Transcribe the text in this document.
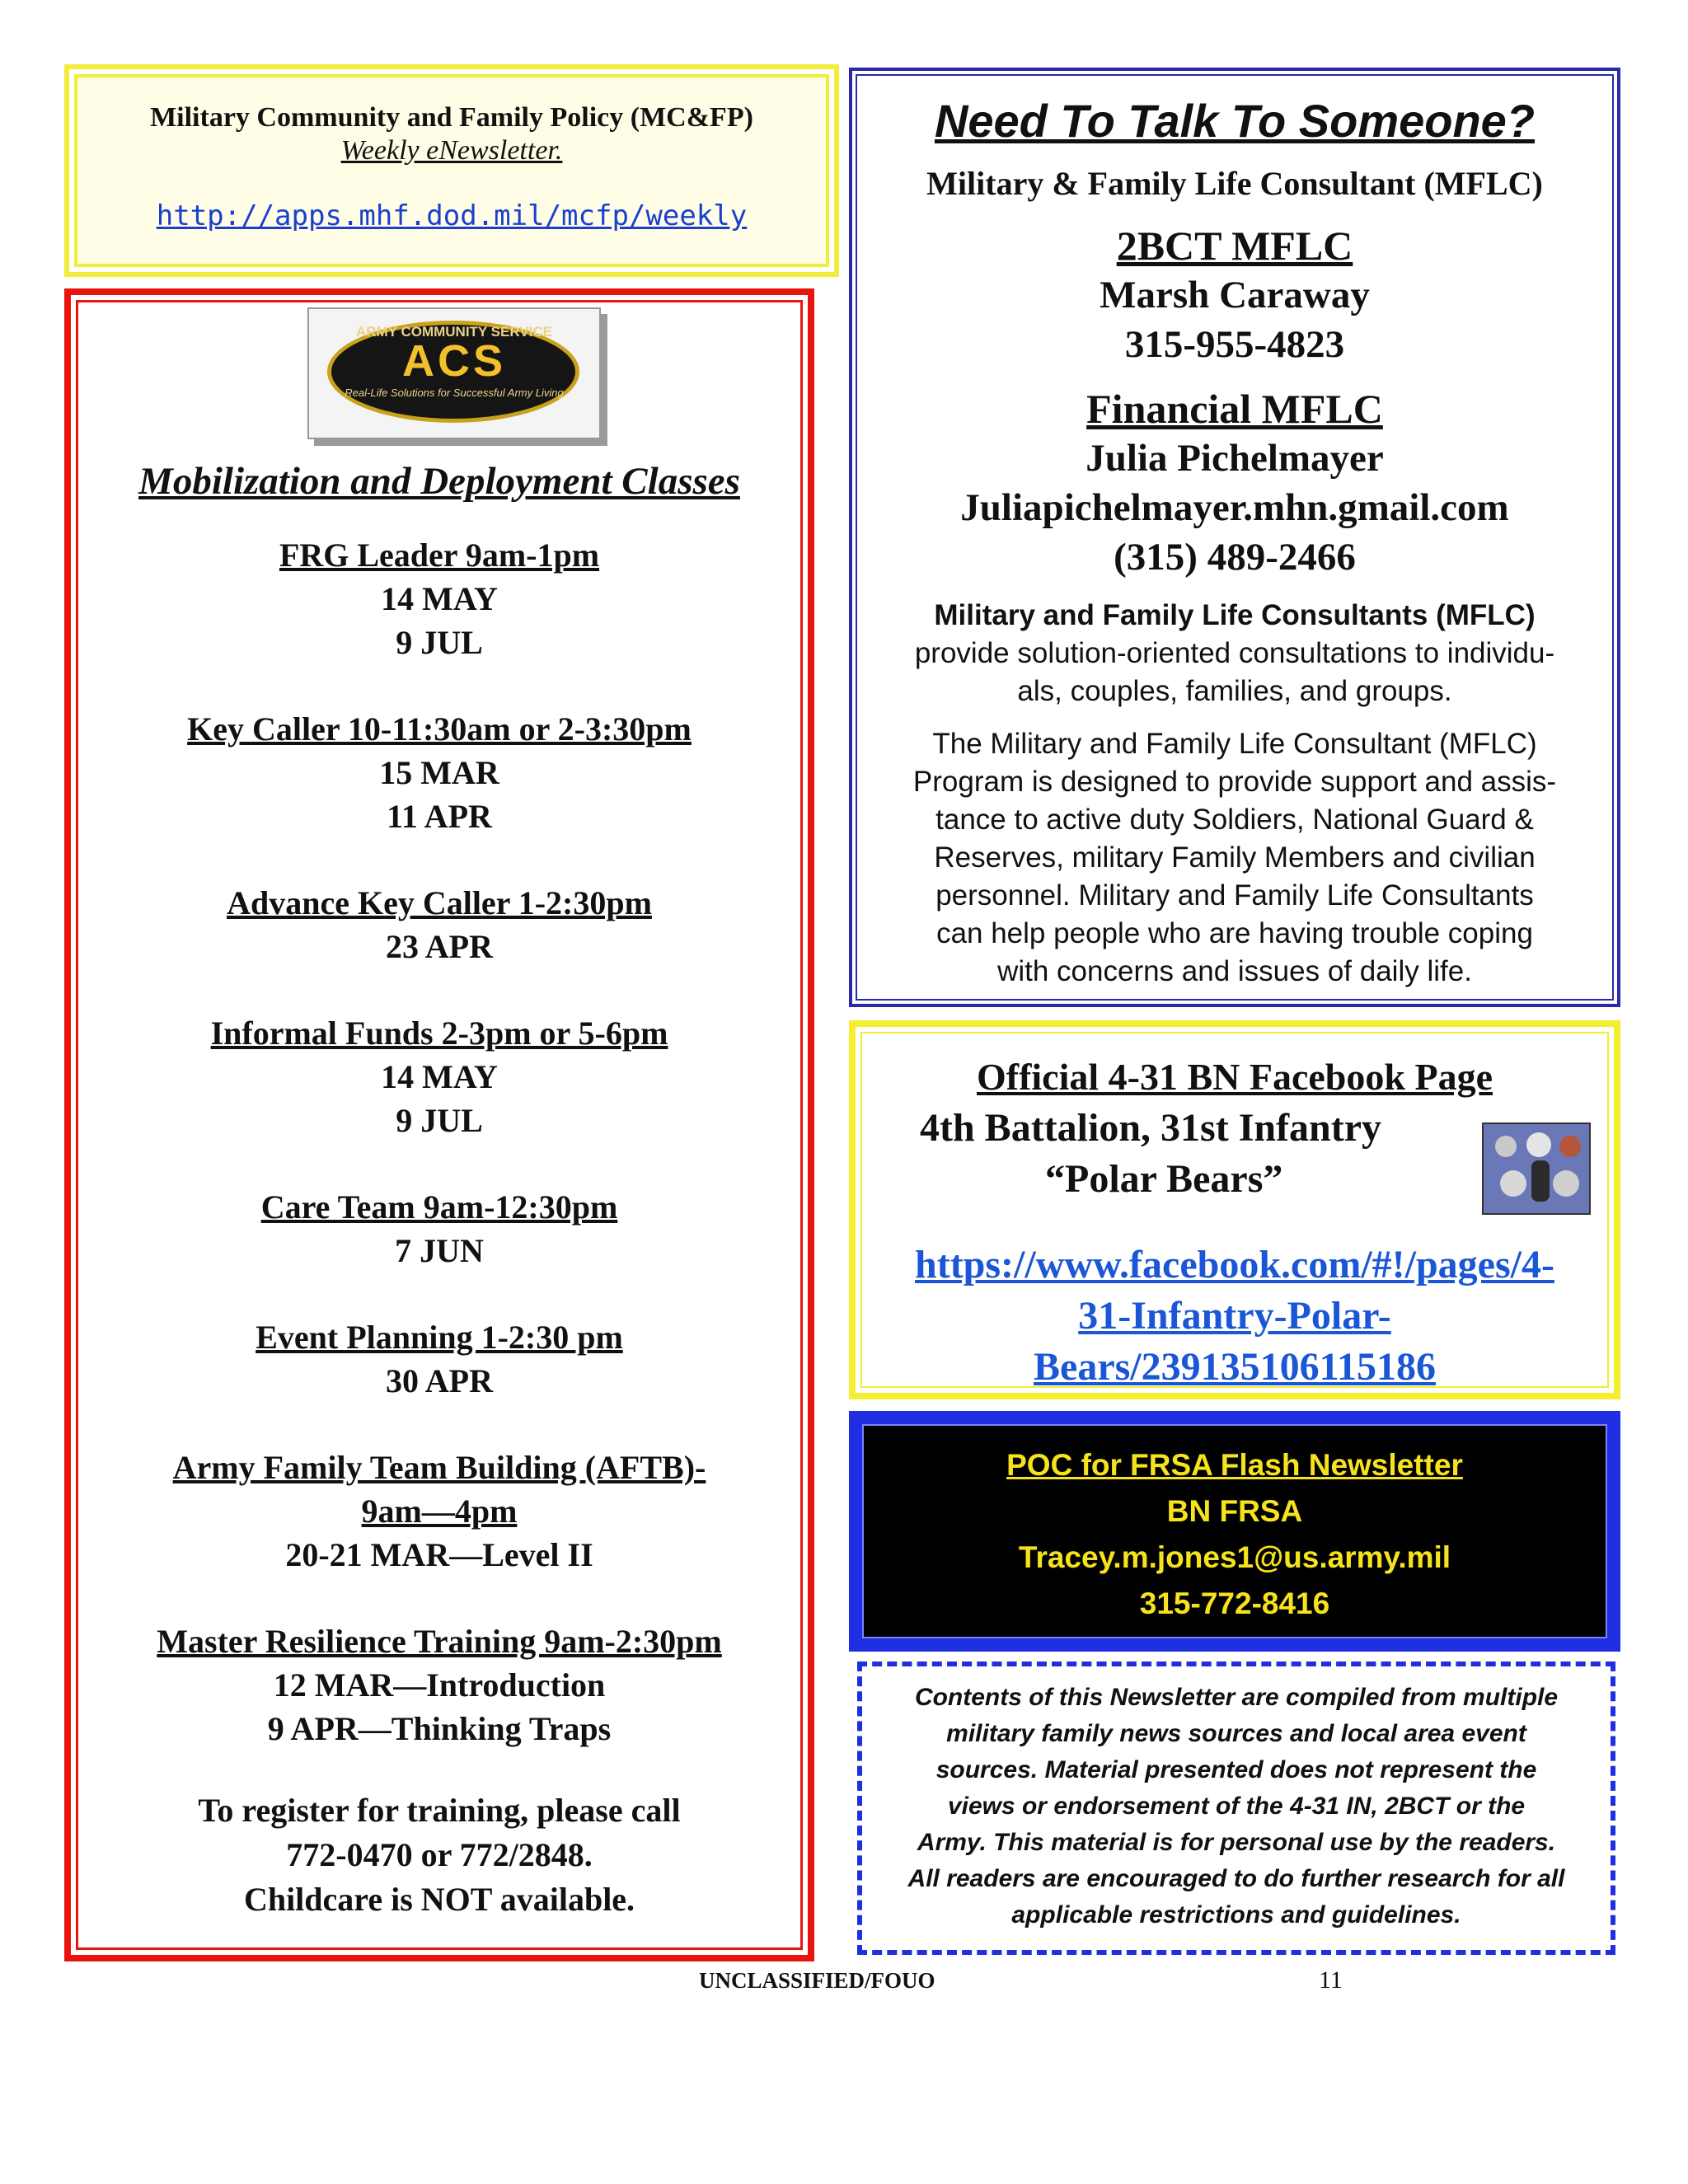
Military Community and Family Policy (MC&FP)
Weekly eNewsletter.
http://apps.mhf.dod.mil/mcfp/weekly
ARMY COMMUNITY SERVICE
ACS
Real-Life Solutions for Successful Army Living
Mobilization and Deployment Classes
FRG Leader 9am-1pm
14 MAY
9 JUL
Key Caller 10-11:30am or 2-3:30pm
15 MAR
11 APR
Advance Key Caller 1-2:30pm
23 APR
Informal Funds 2-3pm or 5-6pm
14 MAY
9 JUL
Care Team 9am-12:30pm
7 JUN
Event Planning 1-2:30 pm
30 APR
Army Family Team Building (AFTB)-
9am—4pm
20-21 MAR—Level II
Master Resilience Training 9am-2:30pm
12 MAR—Introduction
9 APR—Thinking Traps
To register for training, please call
772-0470 or 772/2848.
Childcare is NOT available.
Need To Talk To Someone?
Military & Family Life Consultant (MFLC)
2BCT MFLC
Marsh Caraway
315-955-4823
Financial MFLC
Julia Pichelmayer
Juliapichelmayer.mhn.gmail.com
(315) 489-2466
Military and Family Life Consultants (MFLC)
provide solution-oriented consultations to individu-
als, couples, families, and groups.
The Military and Family Life Consultant (MFLC)
Program is designed to provide support and assis-
tance to active duty Soldiers, National Guard &
Reserves, military Family Members and civilian
personnel. Military and Family Life Consultants
can help people who are having trouble coping
with concerns and issues of daily life.
Official 4-31 BN Facebook Page
4th Battalion, 31st Infantry
“Polar Bears”
https://www.facebook.com/#!/pages/4-
31-Infantry-Polar-
Bears/239135106115186
POC for FRSA Flash Newsletter
BN FRSA
Tracey.m.jones1@us.army.mil
315-772-8416
Contents of this Newsletter are compiled from multiple
military family news sources and local area event
sources. Material presented does not represent the
views or endorsement of the 4-31 IN, 2BCT or the
Army. This material is for personal use by the readers.
All readers are encouraged to do further research for all
applicable restrictions and guidelines.
UNCLASSIFIED/FOUO	11
